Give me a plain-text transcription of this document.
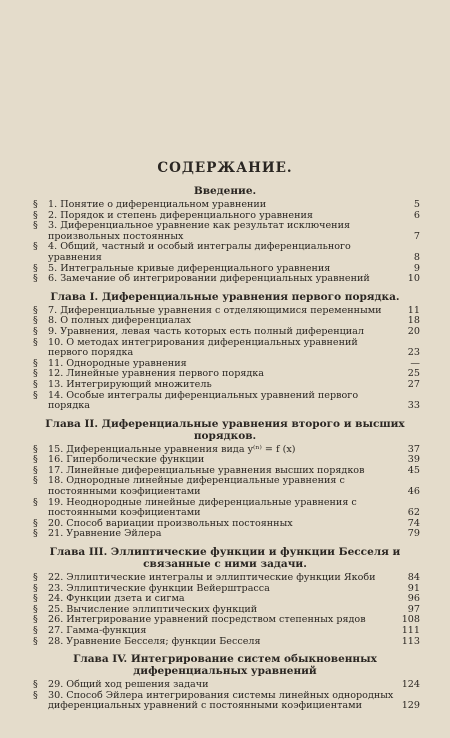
СОДЕРЖАНИЕ.
Введение.
§ 1. Понятие о диференциальном уравнении	5
§ 2. Порядок и степень диференциального уравнения	6
§ 3. Диференциальное уравнение как результат исключения произвольных постоянных	7
§ 4. Общий, частный и особый интегралы диференциального уравнения	8
§ 5. Интегральные кривые диференциального уравнения	9
§ 6. Замечание об интегрировании диференциальных уравнений	10
Глава I. Диференциальные уравнения первого порядка.
§ 7. Диференциальные уравнения с отделяющимися переменными	11
§ 8. О полных диференциалах	18
§ 9. Уравнения, левая часть которых есть полный диференциал	20
§ 10. О методах интегрирования диференциальных уравнений первого порядка	23
§ 11. Однородные уравнения	—
§ 12. Линейные уравнения первого порядка	25
§ 13. Интегрирующий множитель	27
§ 14. Особые интегралы диференциальных уравнений первого порядка	33
Глава II. Диференциальные уравнения второго и высших порядков.
§ 15. Диференциальные уравнения вида y⁽ⁿ⁾ = f (x)	37
§ 16. Гиперболические функции	39
§ 17. Линейные диференциальные уравнения высших порядков	45
§ 18. Однородные линейные диференциальные уравнения с постоянными коэфициентами	46
§ 19. Неоднородные линейные диференциальные уравнения с постоянными коэфициентами	62
§ 20. Способ вариации произвольных постоянных	74
§ 21. Уравнение Эйлера	79
Глава III. Эллиптические функции и функции Бесселя и связанные с ними задачи.
§ 22. Эллиптические интегралы и эллиптические функции Якоби	84
§ 23. Эллиптические функции Вейерштрасса	91
§ 24. Функции дзета и сигма	96
§ 25. Вычисление эллиптических функций	97
§ 26. Интегрирование уравнений посредством степенных рядов	108
§ 27. Гамма-функция	111
§ 28. Уравнение Бесселя; функции Бесселя	113
Глава IV. Интегрирование систем обыкновенных диференциальных уравнений
§ 29. Общий ход решения задачи	124
§ 30. Способ Эйлера интегрирования системы линейных однородных диференциальных уравнений с постоянными коэфициентами	129
